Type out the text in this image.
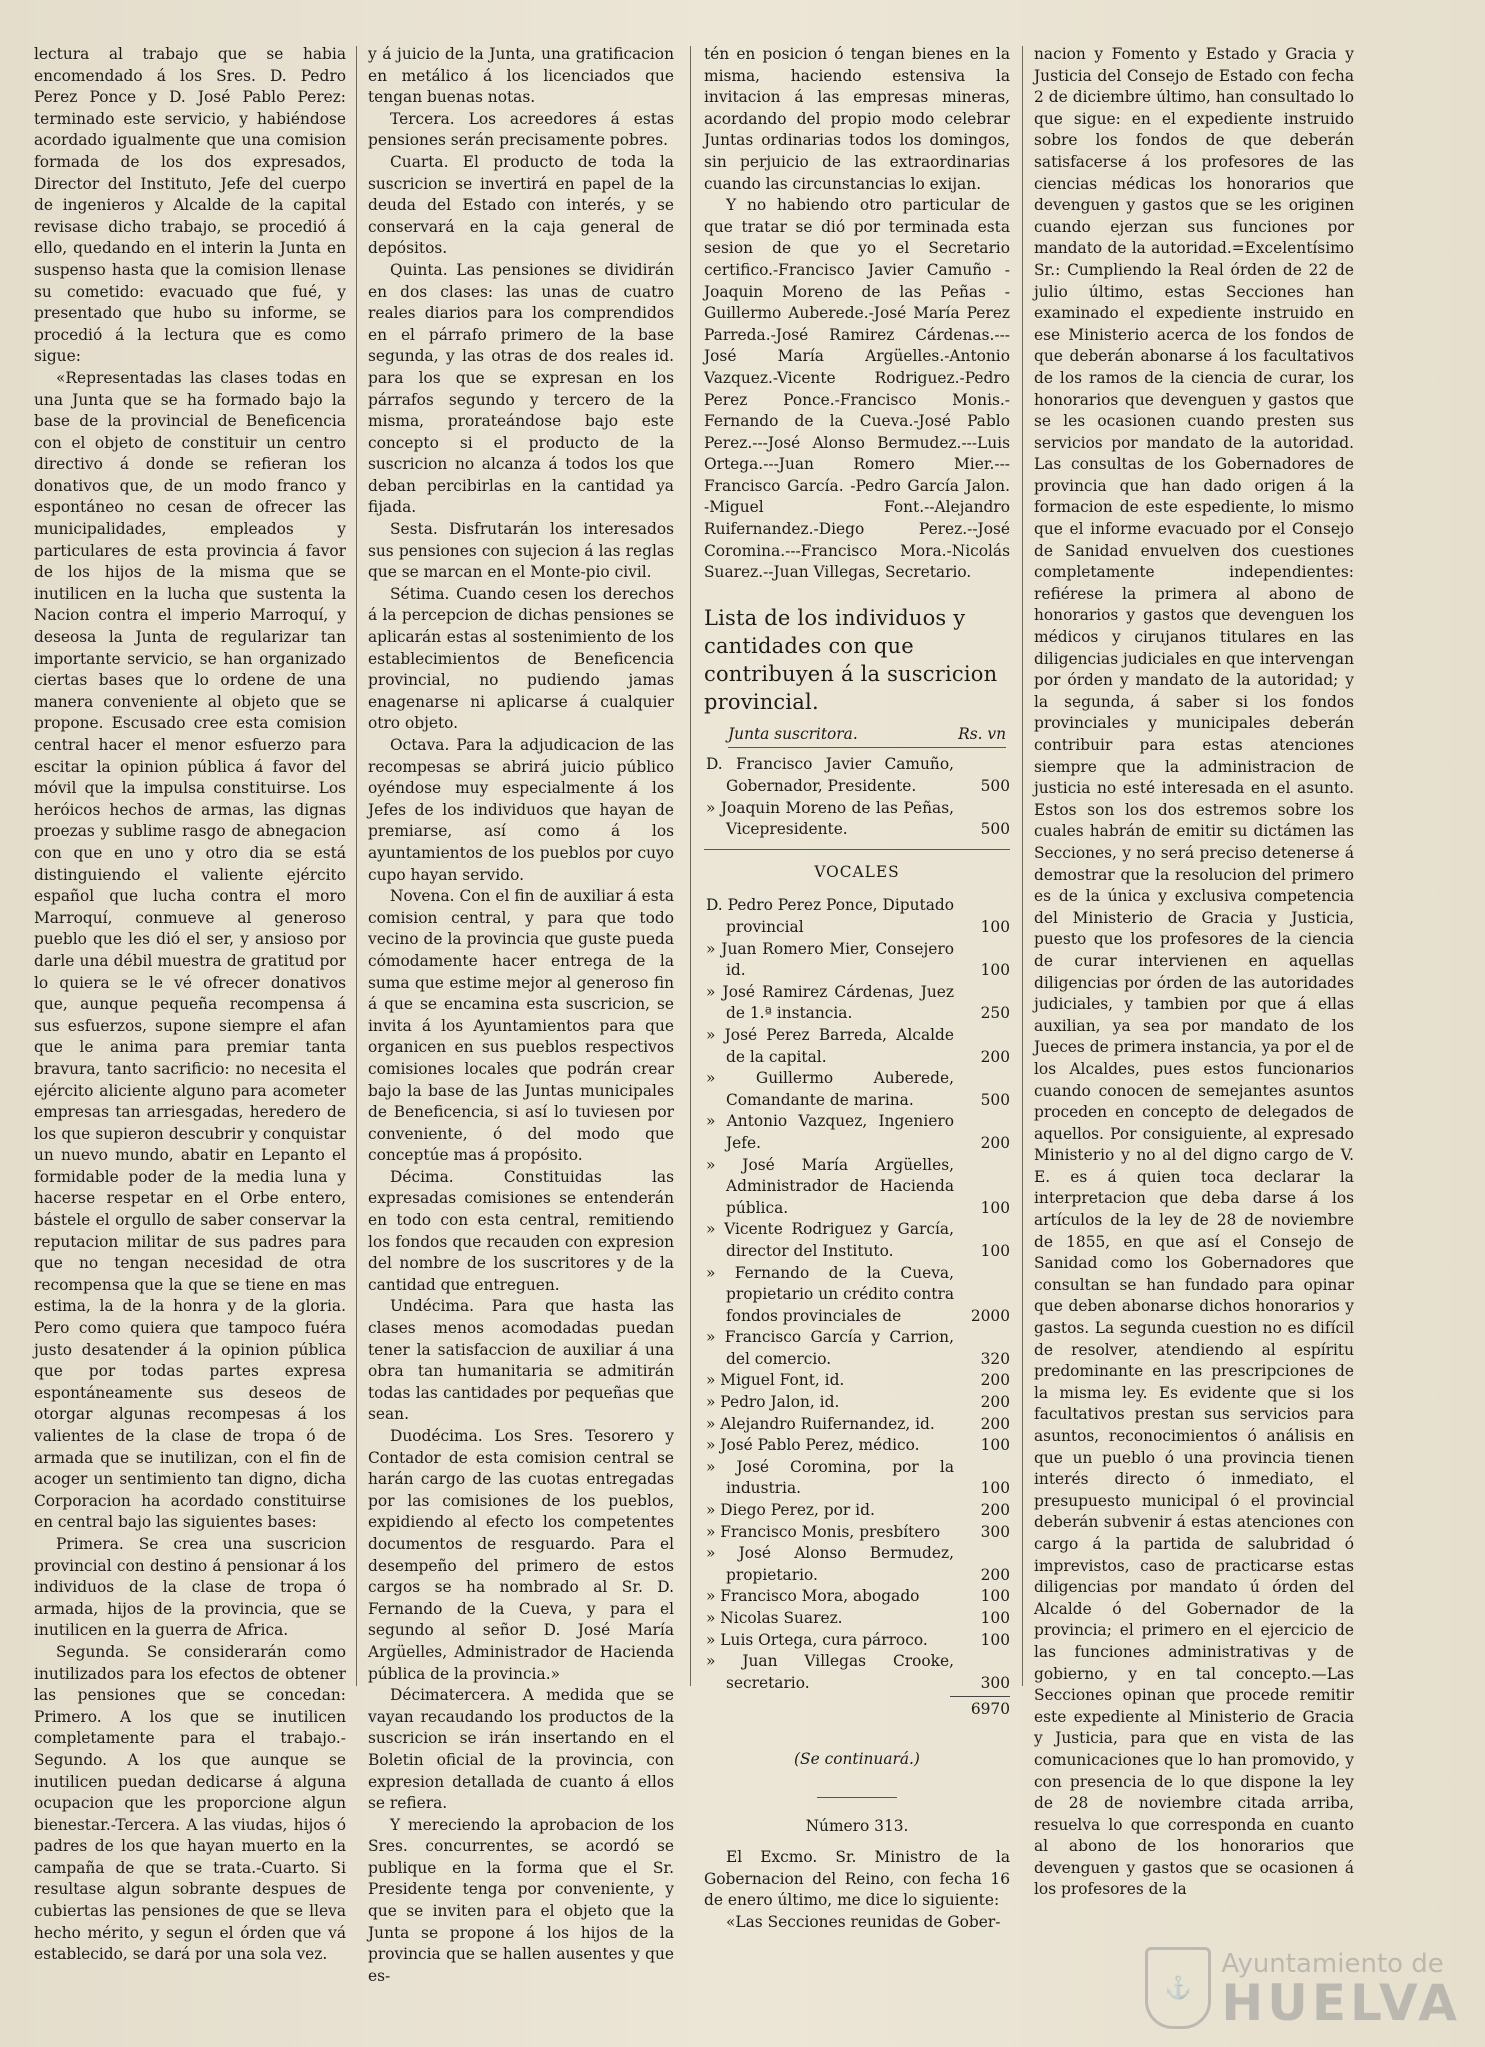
lectura al trabajo que se habia encomendado á los Sres. D. Pedro Perez Ponce y D. José Pablo Perez: terminado este servicio, y habiéndose acordado igualmente que una comision formada de los dos expresados, Director del Instituto, Jefe del cuerpo de ingenieros y Alcalde de la capital revisase dicho trabajo, se procedió á ello, quedando en el interin la Junta en suspenso hasta que la comision llenase su cometido: evacuado que fué, y presentado que hubo su informe, se procedió á la lectura que es como sigue:

«Representadas las clases todas en una Junta que se ha formado bajo la base de la provincial de Beneficencia con el objeto de constituir un centro directivo á donde se refieran los donativos que, de un modo franco y espontáneo no cesan de ofrecer las municipalidades, empleados y particulares de esta provincia á favor de los hijos de la misma que se inutilicen en la lucha que sustenta la Nacion contra el imperio Marroquí, y deseosa la Junta de regularizar tan importante servicio, se han organizado ciertas bases que lo ordene de una manera conveniente al objeto que se propone. Escusado cree esta comision central hacer el menor esfuerzo para escitar la opinion pública á favor del móvil que la impulsa constituirse. Los heróicos hechos de armas, las dignas proezas y sublime rasgo de abnegacion con que en uno y otro dia se está distinguiendo el valiente ejército español que lucha contra el moro Marroquí, conmueve al generoso pueblo que les dió el ser, y ansioso por darle una débil muestra de gratitud por lo quiera se le vé ofrecer donativos que, aunque pequeña recompensa á sus esfuerzos, supone siempre el afan que le anima para premiar tanta bravura, tanto sacrificio: no necesita el ejército aliciente alguno para acometer empresas tan arriesgadas, heredero de los que supieron descubrir y conquistar un nuevo mundo, abatir en Lepanto el formidable poder de la media luna y hacerse respetar en el Orbe entero, bástele el orgullo de saber conservar la reputacion militar de sus padres para que no tengan necesidad de otra recompensa que la que se tiene en mas estima, la de la honra y de la gloria. Pero como quiera que tampoco fuéra justo desatender á la opinion pública que por todas partes expresa espontáneamente sus deseos de otorgar algunas recompesas á los valientes de la clase de tropa ó de armada que se inutilizan, con el fin de acoger un sentimiento tan digno, dicha Corporacion ha acordado constituirse en central bajo las siguientes bases:

Primera. Se crea una suscricion provincial con destino á pensionar á los individuos de la clase de tropa ó armada, hijos de la provincia, que se inutilicen en la guerra de Africa.

Segunda. Se considerarán como inutilizados para los efectos de obtener las pensiones que se concedan: Primero. A los que se inutilicen completamente para el trabajo.-Segundo. A los que aunque se inutilicen puedan dedicarse á alguna ocupacion que les proporcione algun bienestar.-Tercera. A las viudas, hijos ó padres de los que hayan muerto en la campaña de que se trata.-Cuarto. Si resultase algun sobrante despues de cubiertas las pensiones de que se lleva hecho mérito, y segun el órden que vá establecido, se dará por una sola vez.

y á juicio de la Junta, una gratificacion en metálico á los licenciados que tengan buenas notas.

Tercera. Los acreedores á estas pensiones serán precisamente pobres.

Cuarta. El producto de toda la suscricion se invertirá en papel de la deuda del Estado con interés, y se conservará en la caja general de depósitos.

Quinta. Las pensiones se dividirán en dos clases: las unas de cuatro reales diarios para los comprendidos en el párrafo primero de la base segunda, y las otras de dos reales id. para los que se expresan en los párrafos segundo y tercero de la misma, prorateándose bajo este concepto si el producto de la suscricion no alcanza á todos los que deban percibirlas en la cantidad ya fijada.

Sesta. Disfrutarán los interesados sus pensiones con sujecion á las reglas que se marcan en el Monte-pio civil.

Sétima. Cuando cesen los derechos á la percepcion de dichas pensiones se aplicarán estas al sostenimiento de los establecimientos de Beneficencia provincial, no pudiendo jamas enagenarse ni aplicarse á cualquier otro objeto.

Octava. Para la adjudicacion de las recompesas se abrirá juicio público oyéndose muy especialmente á los Jefes de los individuos que hayan de premiarse, así como á los ayuntamientos de los pueblos por cuyo cupo hayan servido.

Novena. Con el fin de auxiliar á esta comision central, y para que todo vecino de la provincia que guste pueda cómodamente hacer entrega de la suma que estime mejor al generoso fin á que se encamina esta suscricion, se invita á los Ayuntamientos para que organicen en sus pueblos respectivos comisiones locales que podrán crear bajo la base de las Juntas municipales de Beneficencia, si así lo tuviesen por conveniente, ó del modo que conceptúe mas á propósito.

Décima. Constituidas las expresadas comisiones se entenderán en todo con esta central, remitiendo los fondos que recauden con expresion del nombre de los suscritores y de la cantidad que entreguen.

Undécima. Para que hasta las clases menos acomodadas puedan tener la satisfaccion de auxiliar á una obra tan humanitaria se admitirán todas las cantidades por pequeñas que sean.

Duodécima. Los Sres. Tesorero y Contador de esta comision central se harán cargo de las cuotas entregadas por las comisiones de los pueblos, expidiendo al efecto los competentes documentos de resguardo. Para el desempeño del primero de estos cargos se ha nombrado al Sr. D. Fernando de la Cueva, y para el segundo al señor D. José María Argüelles, Administrador de Hacienda pública de la provincia.»

Décimatercera. A medida que se vayan recaudando los productos de la suscricion se irán insertando en el Boletin oficial de la provincia, con expresion detallada de cuanto á ellos se refiera.

Y mereciendo la aprobacion de los Sres. concurrentes, se acordó se publique en la forma que el Sr. Presidente tenga por conveniente, y que se inviten para el objeto que la Junta se propone á los hijos de la provincia que se hallen ausentes y que es-

tén en posicion ó tengan bienes en la misma, haciendo estensiva la invitacion á las empresas mineras, acordando del propio modo celebrar Juntas ordinarias todos los domingos, sin perjuicio de las extraordinarias cuando las circunstancias lo exijan.

Y no habiendo otro particular de que tratar se dió por terminada esta sesion de que yo el Secretario certifico.-Francisco Javier Camuño -Joaquin Moreno de las Peñas -Guillermo Auberede.-José María Perez Parreda.-José Ramirez Cárdenas.---José María Argüelles.-Antonio Vazquez.-Vicente Rodriguez.-Pedro Perez Ponce.-Francisco Monis.-Fernando de la Cueva.-José Pablo Perez.---José Alonso Bermudez.---Luis Ortega.---Juan Romero Mier.---Francisco García. -Pedro García Jalon. -Miguel Font.--Alejandro Ruifernandez.-Diego Perez.--José Coromina.---Francisco Mora.-Nicolás Suarez.--Juan Villegas, Secretario.

Lista de los individuos y cantidades con que contribuyen á la suscricion provincial.
Junta suscritora.	Rs. vn
D. Francisco Javier Camuño, Gobernador, Presidente.	500
» Joaquin Moreno de las Peñas, Vicepresidente.	500
VOCALES
D. Pedro Perez Ponce, Diputado provincial	100
» Juan Romero Mier, Consejero id.	100
» José Ramirez Cárdenas, Juez de 1.ª instancia.	250
» José Perez Barreda, Alcalde de la capital.	200
» Guillermo Auberede, Comandante de marina.	500
» Antonio Vazquez, Ingeniero Jefe.	200
» José María Argüelles, Administrador de Hacienda pública.	100
» Vicente Rodriguez y García, director del Instituto.	100
» Fernando de la Cueva, propietario un crédito contra fondos provinciales de	2000
» Francisco García y Carrion, del comercio.	320
» Miguel Font, id.	200
» Pedro Jalon, id.	200
» Alejandro Ruifernandez, id.	200
» José Pablo Perez, médico.	100
» José Coromina, por la industria.	100
» Diego Perez, por id.	200
» Francisco Monis, presbítero	300
» José Alonso Bermudez, propietario.	200
» Francisco Mora, abogado	100
» Nicolas Suarez.	100
» Luis Ortega, cura párroco.	100
» Juan Villegas Crooke, secretario.	300
6970
(Se continuará.)
Número 313.

El Excmo. Sr. Ministro de la Gobernacion del Reino, con fecha 16 de enero último, me dice lo siguiente:

«Las Secciones reunidas de Gober-

nacion y Fomento y Estado y Gracia y Justicia del Consejo de Estado con fecha 2 de diciembre último, han consultado lo que sigue: en el expediente instruido sobre los fondos de que deberán satisfacerse á los profesores de las ciencias médicas los honorarios que devenguen y gastos que se les originen cuando ejerzan sus funciones por mandato de la autoridad.=Excelentísimo Sr.: Cumpliendo la Real órden de 22 de julio último, estas Secciones han examinado el expediente instruido en ese Ministerio acerca de los fondos de que deberán abonarse á los facultativos de los ramos de la ciencia de curar, los honorarios que devenguen y gastos que se les ocasionen cuando presten sus servicios por mandato de la autoridad. Las consultas de los Gobernadores de provincia que han dado origen á la formacion de este espediente, lo mismo que el informe evacuado por el Consejo de Sanidad envuelven dos cuestiones completamente independientes: refiérese la primera al abono de honorarios y gastos que devenguen los médicos y cirujanos titulares en las diligencias judiciales en que intervengan por órden y mandato de la autoridad; y la segunda, á saber si los fondos provinciales y municipales deberán contribuir para estas atenciones siempre que la administracion de justicia no esté interesada en el asunto. Estos son los dos estremos sobre los cuales habrán de emitir su dictámen las Secciones, y no será preciso detenerse á demostrar que la resolucion del primero es de la única y exclusiva competencia del Ministerio de Gracia y Justicia, puesto que los profesores de la ciencia de curar intervienen en aquellas diligencias por órden de las autoridades judiciales, y tambien por que á ellas auxilian, ya sea por mandato de los Jueces de primera instancia, ya por el de los Alcaldes, pues estos funcionarios cuando conocen de semejantes asuntos proceden en concepto de delegados de aquellos. Por consiguiente, al expresado Ministerio y no al del digno cargo de V. E. es á quien toca declarar la interpretacion que deba darse á los artículos de la ley de 28 de noviembre de 1855, en que así el Consejo de Sanidad como los Gobernadores que consultan se han fundado para opinar que deben abonarse dichos honorarios y gastos. La segunda cuestion no es difícil de resolver, atendiendo al espíritu predominante en las prescripciones de la misma ley. Es evidente que si los facultativos prestan sus servicios para asuntos, reconocimientos ó análisis en que un pueblo ó una provincia tienen interés directo ó inmediato, el presupuesto municipal ó el provincial deberán subvenir á estas atenciones con cargo á la partida de salubridad ó imprevistos, caso de practicarse estas diligencias por mandato ú órden del Alcalde ó del Gobernador de la provincia; el primero en el ejercicio de las funciones administrativas y de gobierno, y en tal concepto.—Las Secciones opinan que procede remitir este expediente al Ministerio de Gracia y Justicia, para que en vista de las comunicaciones que lo han promovido, y con presencia de lo que dispone la ley de 28 de noviembre citada arriba, resuelva lo que corresponda en cuanto al abono de los honorarios que devenguen y gastos que se ocasionen á los profesores de la

⚓
Ayuntamiento de
HUELVA
